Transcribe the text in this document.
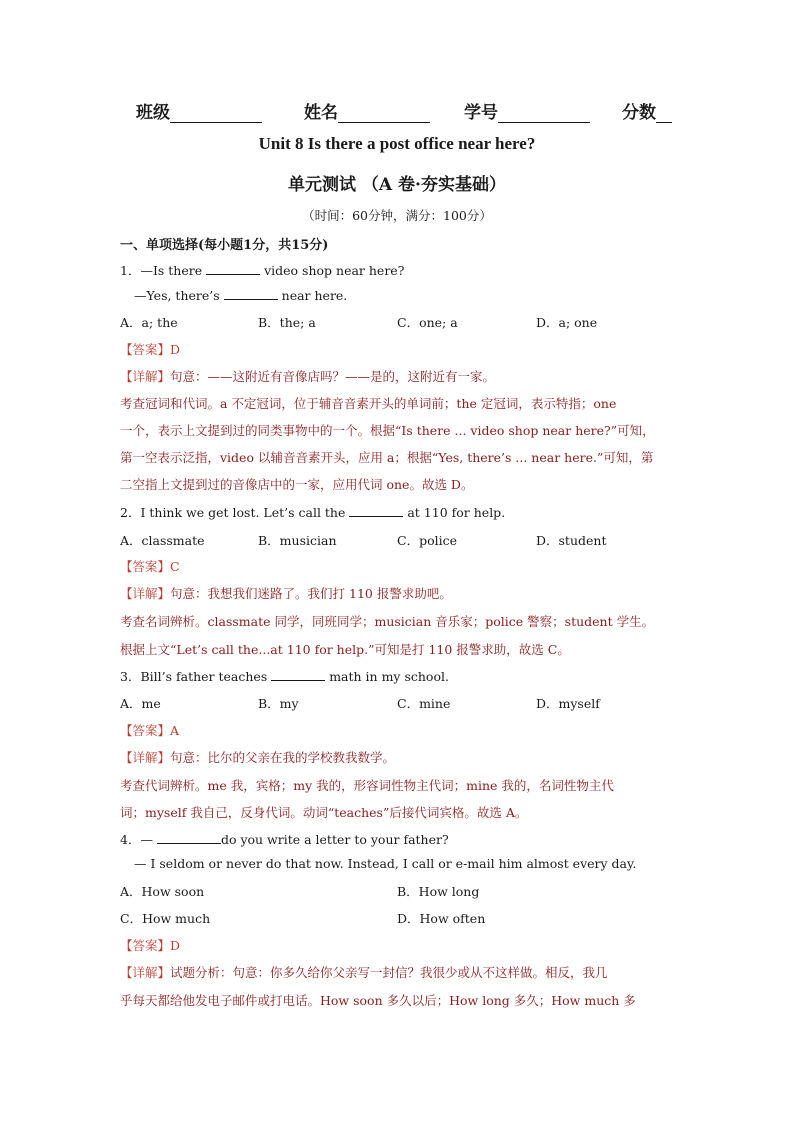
班级	姓名	学号	分数
Unit 8 Is there a post office near here?
单元测试 （A 卷·夯实基础）
（时间：60分钟，满分：100分）
一、单项选择(每小题1分，共15分)
1．—Is there	video shop near here?
—Yes, there’s	near here.
A．a; the	B．the; a	C．one; a	D．a; one
【答案】D
【详解】句意：——这附近有音像店吗？——是的，这附近有一家。
考查冠词和代词。a 不定冠词，位于辅音音素开头的单词前；the 定冠词，表示特指；one
一个，表示上文提到过的同类事物中的一个。根据“Is there ... video shop near here?”可知，
第一空表示泛指，video 以辅音音素开头，应用 a；根据“Yes, there’s ... near here.”可知，第
二空指上文提到过的音像店中的一家，应用代词 one。故选 D。
2．I think we get lost. Let’s call the	at 110 for help.
A．classmate	B．musician	C．police	D．student
【答案】C
【详解】句意：我想我们迷路了。我们打 110 报警求助吧。
考查名词辨析。classmate 同学，同班同学；musician 音乐家；police 警察；student 学生。
根据上文“Let’s call the...at 110 for help.”可知是打 110 报警求助，故选 C。
3．Bill’s father teaches	math in my school.
A．me	B．my	C．mine	D．myself
【答案】A
【详解】句意：比尔的父亲在我的学校教我数学。
考查代词辨析。me 我，宾格；my 我的，形容词性物主代词；mine 我的，名词性物主代
词；myself 我自己，反身代词。动词“teaches”后接代词宾格。故选 A。
4．—	do you write a letter to your father?
— I seldom or never do that now. Instead, I call or e-mail him almost every day.
A．How soon	B．How long
C．How much	D．How often
【答案】D
【详解】试题分析：句意：你多久给你父亲写一封信？我很少或从不这样做。相反，我几
乎每天都给他发电子邮件或打电话。How soon 多久以后；How long 多久；How much 多
